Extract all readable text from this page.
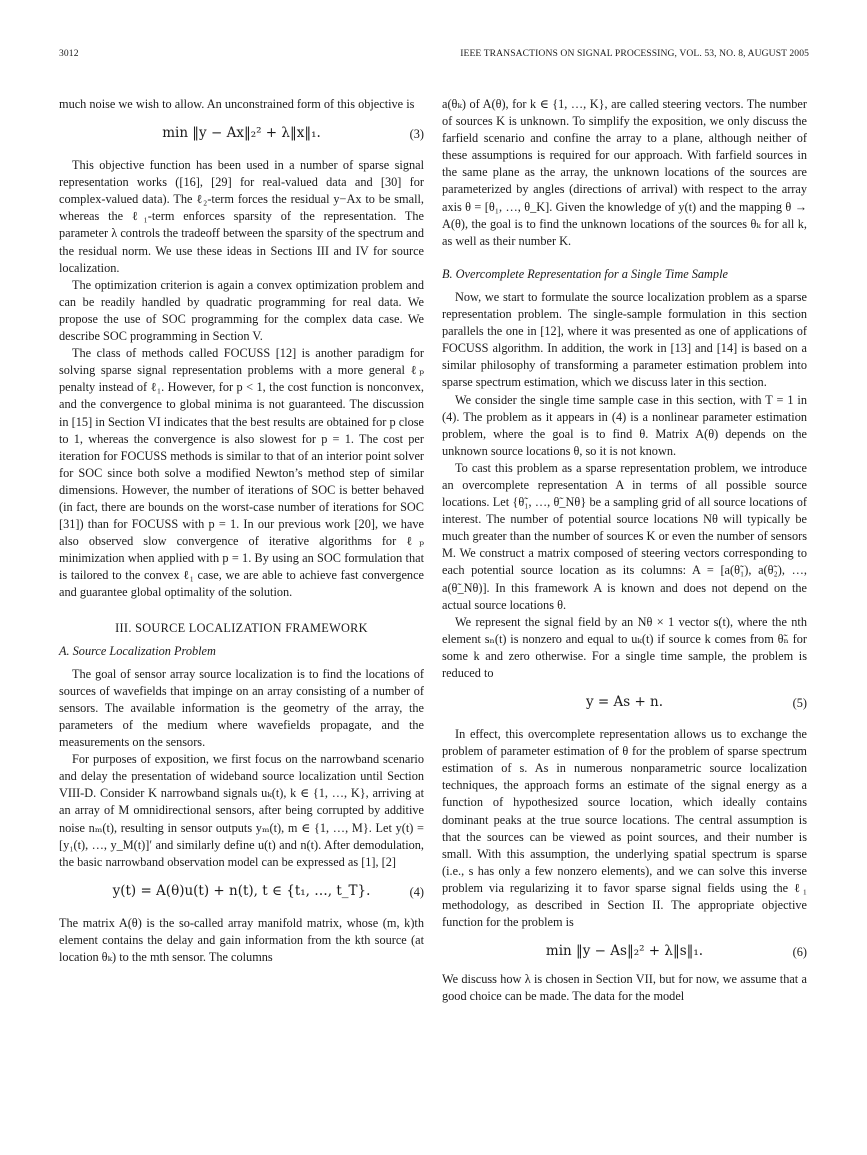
3012	IEEE TRANSACTIONS ON SIGNAL PROCESSING, VOL. 53, NO. 8, AUGUST 2005

much noise we wish to allow. An unconstrained form of this objective is

min ‖y − Ax‖₂² + λ‖x‖₁.	(3)

This objective function has been used in a number of sparse signal representation works ([16], [29] for real-valued data and [30] for complex-valued data). The ℓ₂-term forces the residual y−Ax to be small, whereas the ℓ₁-term enforces sparsity of the representation. The parameter λ controls the tradeoff between the sparsity of the spectrum and the residual norm. We use these ideas in Sections III and IV for source localization.

The optimization criterion is again a convex optimization problem and can be readily handled by quadratic programming for real data. We propose the use of SOC programming for the complex data case. We describe SOC programming in Section V.

The class of methods called FOCUSS [12] is another paradigm for solving sparse signal representation problems with a more general ℓₚ penalty instead of ℓ₁. However, for p < 1, the cost function is nonconvex, and the convergence to global minima is not guaranteed. The discussion in [15] in Section VI indicates that the best results are obtained for p close to 1, whereas the convergence is also slowest for p = 1. The cost per iteration for FOCUSS methods is similar to that of an interior point solver for SOC since both solve a modified Newton’s method step of similar dimensions. However, the number of iterations of SOC is better behaved (in fact, there are bounds on the worst-case number of iterations for SOC [31]) than for FOCUSS with p = 1. In our previous work [20], we have also observed slow convergence of iterative algorithms for ℓₚ minimization when applied with p = 1. By using an SOC formulation that is tailored to the convex ℓ₁ case, we are able to achieve fast convergence and guarantee global optimality of the solution.

III. SOURCE LOCALIZATION FRAMEWORK
A. Source Localization Problem

The goal of sensor array source localization is to find the locations of sources of wavefields that impinge on an array consisting of a number of sensors. The available information is the geometry of the array, the parameters of the medium where wavefields propagate, and the measurements on the sensors.

For purposes of exposition, we first focus on the narrowband scenario and delay the presentation of wideband source localization until Section VIII-D. Consider K narrowband signals uₖ(t), k ∈ {1, …, K}, arriving at an array of M omnidirectional sensors, after being corrupted by additive noise nₘ(t), resulting in sensor outputs yₘ(t), m ∈ {1, …, M}. Let y(t) = [y₁(t), …, y_M(t)]′ and similarly define u(t) and n(t). After demodulation, the basic narrowband observation model can be expressed as [1], [2]

y(t) = A(θ)u(t) + n(t), t ∈ {t₁, …, t_T}.	(4)

The matrix A(θ) is the so-called array manifold matrix, whose (m, k)th element contains the delay and gain information from the kth source (at location θₖ) to the mth sensor. The columns

a(θₖ) of A(θ), for k ∈ {1, …, K}, are called steering vectors. The number of sources K is unknown. To simplify the exposition, we only discuss the farfield scenario and confine the array to a plane, although neither of these assumptions is required for our approach. With farfield sources in the same plane as the array, the unknown locations of the sources are parameterized by angles (directions of arrival) with respect to the array axis θ = [θ₁, …, θ_K]. Given the knowledge of y(t) and the mapping θ → A(θ), the goal is to find the unknown locations of the sources θₖ for all k, as well as their number K.

B. Overcomplete Representation for a Single Time Sample

Now, we start to formulate the source localization problem as a sparse representation problem. The single-sample formulation in this section parallels the one in [12], where it was presented as one of applications of FOCUSS algorithm. In addition, the work in [13] and [14] is based on a similar philosophy of transforming a parameter estimation problem into sparse spectrum estimation, which we discuss later in this section.

We consider the single time sample case in this section, with T = 1 in (4). The problem as it appears in (4) is a nonlinear parameter estimation problem, where the goal is to find θ. Matrix A(θ) depends on the unknown source locations θ, so it is not known.

To cast this problem as a sparse representation problem, we introduce an overcomplete representation A in terms of all possible source locations. Let {θ̃₁, …, θ̃_Nθ} be a sampling grid of all source locations of interest. The number of potential source locations Nθ will typically be much greater than the number of sources K or even the number of sensors M. We construct a matrix composed of steering vectors corresponding to each potential source location as its columns: A = [a(θ̃₁), a(θ̃₂), …, a(θ̃_Nθ)]. In this framework A is known and does not depend on the actual source locations θ.

We represent the signal field by an Nθ × 1 vector s(t), where the nth element sₙ(t) is nonzero and equal to uₖ(t) if source k comes from θ̃ₙ for some k and zero otherwise. For a single time sample, the problem is reduced to

y = As + n.	(5)

In effect, this overcomplete representation allows us to exchange the problem of parameter estimation of θ for the problem of sparse spectrum estimation of s. As in numerous nonparametric source localization techniques, the approach forms an estimate of the signal energy as a function of hypothesized source location, which ideally contains dominant peaks at the true source locations. The central assumption is that the sources can be viewed as point sources, and their number is small. With this assumption, the underlying spatial spectrum is sparse (i.e., s has only a few nonzero elements), and we can solve this inverse problem via regularizing it to favor sparse signal fields using the ℓ₁ methodology, as described in Section II. The appropriate objective function for the problem is

min ‖y − As‖₂² + λ‖s‖₁.	(6)

We discuss how λ is chosen in Section VII, but for now, we assume that a good choice can be made. The data for the model
